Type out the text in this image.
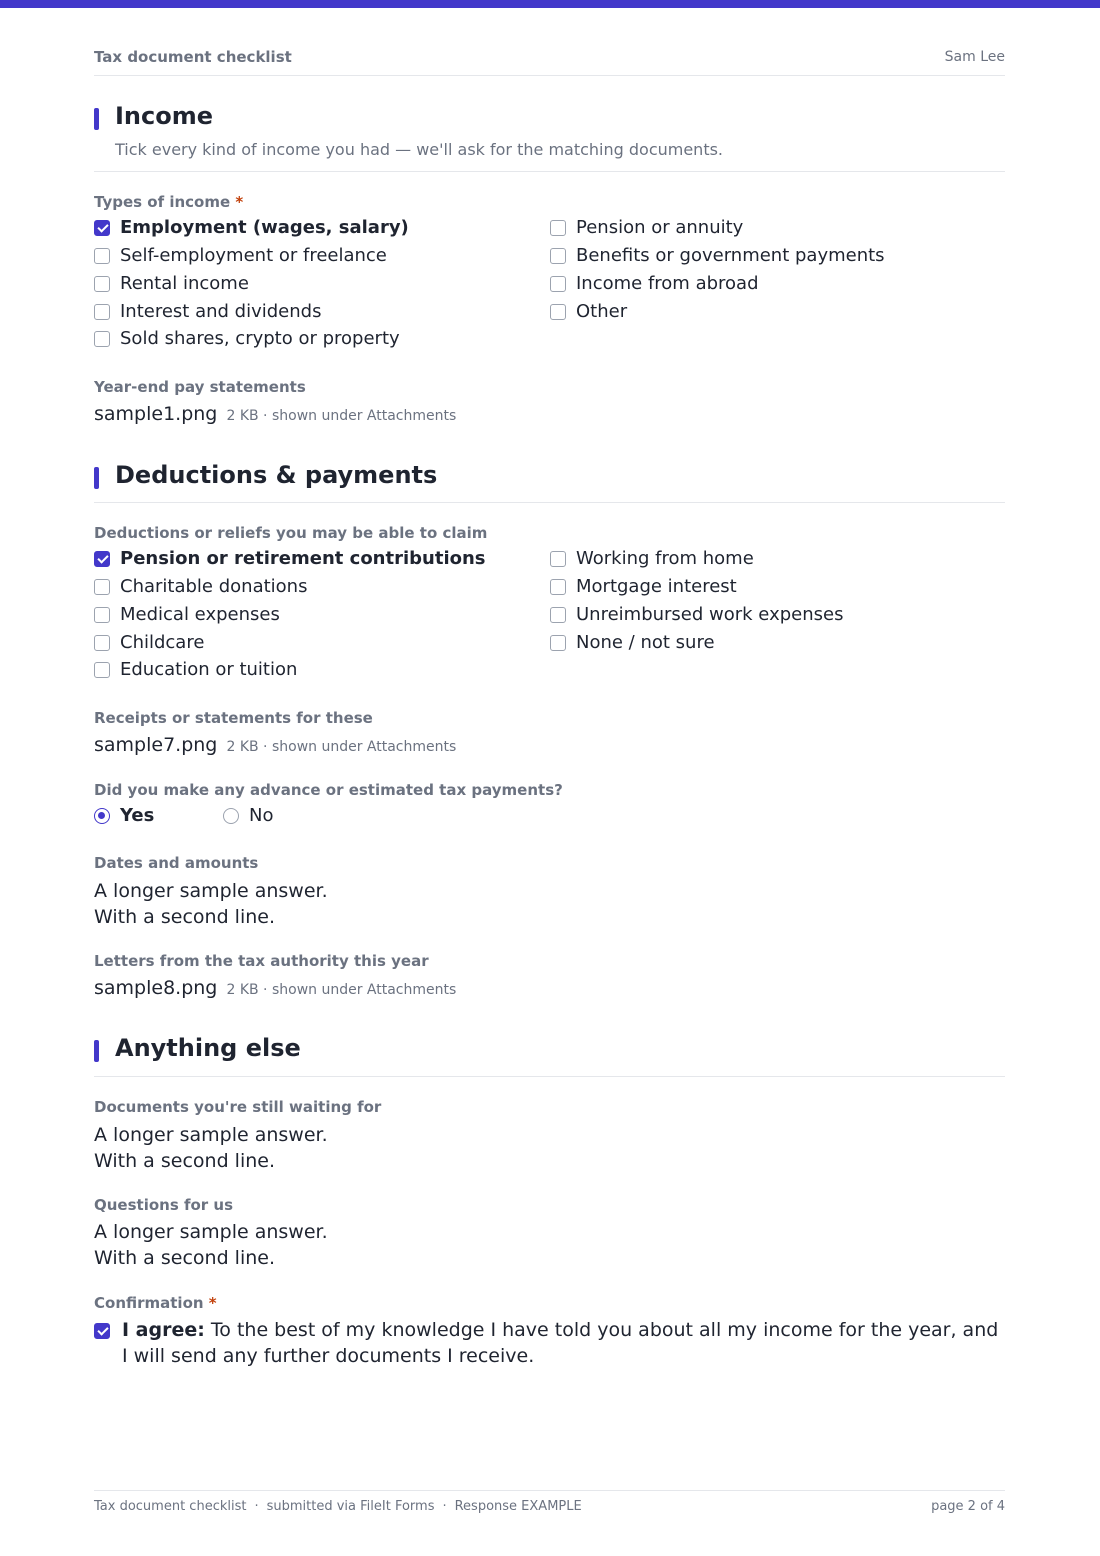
Tax document checklist	Sam Lee
Income
Tick every kind of income you had — we'll ask for the matching documents.
Types of income *
Employment (wages, salary)
Self-employment or freelance
Rental income
Interest and dividends
Sold shares, crypto or property
Pension or annuity
Benefits or government payments
Income from abroad
Other
Year-end pay statements
sample1.png 2 KB · shown under Attachments
Deductions & payments
Deductions or reliefs you may be able to claim
Pension or retirement contributions
Charitable donations
Medical expenses
Childcare
Education or tuition
Working from home
Mortgage interest
Unreimbursed work expenses
None / not sure
Receipts or statements for these
sample7.png 2 KB · shown under Attachments
Did you make any advance or estimated tax payments?
Yes	No
Dates and amounts
A longer sample answer.
With a second line.
Letters from the tax authority this year
sample8.png 2 KB · shown under Attachments
Anything else
Documents you're still waiting for
A longer sample answer.
With a second line.
Questions for us
A longer sample answer.
With a second line.
Confirmation *
I agree: To the best of my knowledge I have told you about all my income for the year, and I will send any further documents I receive.
Tax document checklist · submitted via FileIt Forms · Response EXAMPLE	page 2 of 4
